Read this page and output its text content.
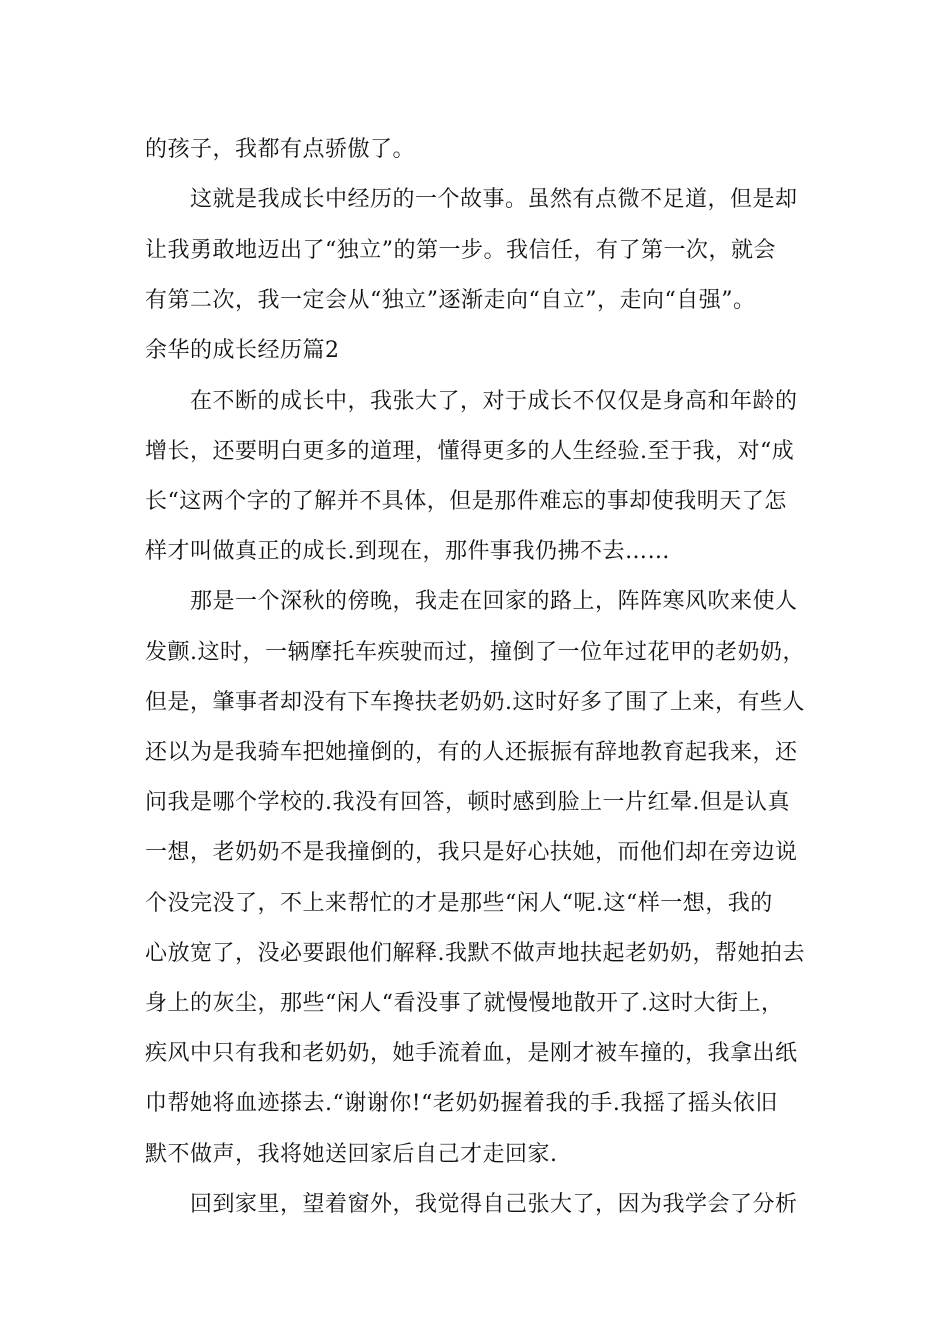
的孩子，我都有点骄傲了。
这就是我成长中经历的一个故事。虽然有点微不足道，但是却
让我勇敢地迈出了“独立”的第一步。我信任，有了第一次，就会
有第二次，我一定会从“独立”逐渐走向“自立”，走向“自强”。
余华的成长经历篇2
在不断的成长中，我张大了，对于成长不仅仅是身高和年龄的
增长，还要明白更多的道理，懂得更多的人生经验.至于我，对“成
长“这两个字的了解并不具体，但是那件难忘的事却使我明天了怎
样才叫做真正的成长.到现在，那件事我仍拂不去……
那是一个深秋的傍晚，我走在回家的路上，阵阵寒风吹来使人
发颤.这时，一辆摩托车疾驶而过，撞倒了一位年过花甲的老奶奶，
但是，肇事者却没有下车搀扶老奶奶.这时好多了围了上来，有些人
还以为是我骑车把她撞倒的，有的人还振振有辞地教育起我来，还
问我是哪个学校的.我没有回答，顿时感到脸上一片红晕.但是认真
一想，老奶奶不是我撞倒的，我只是好心扶她，而他们却在旁边说
个没完没了，不上来帮忙的才是那些“闲人“呢.这“样一想，我的
心放宽了，没必要跟他们解释.我默不做声地扶起老奶奶，帮她拍去
身上的灰尘，那些“闲人“看没事了就慢慢地散开了.这时大街上，
疾风中只有我和老奶奶，她手流着血，是刚才被车撞的，我拿出纸
巾帮她将血迹搽去.“谢谢你!“老奶奶握着我的手.我摇了摇头依旧
默不做声，我将她送回家后自己才走回家.
回到家里，望着窗外，我觉得自己张大了，因为我学会了分析
